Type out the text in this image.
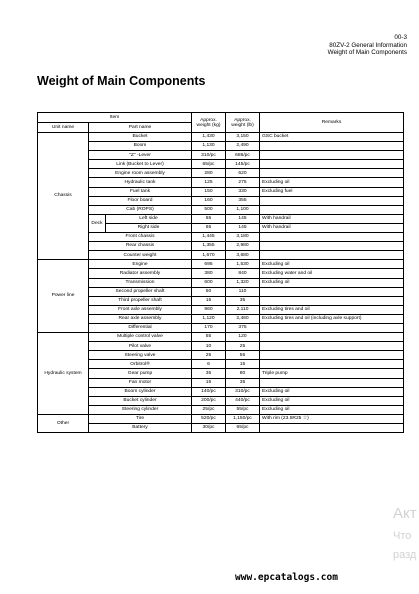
00-3
80ZV-2 General Information
Weight of Main Components
Weight of Main Components
Item			Approx. weight (kg)	Approx. weight (lb)	Remarks
Unit name	Part name				
Chassis	Bucket		1,430	3,150	GSC bucket
	Boom		1,130	2,490	
	"Z" -Lever		310/pc	686/pc	
	Link (Bucket to Lever)		65/pc	145/pc	
	Engine room assembly		280	620	
	Hydraulic tank		125	275	Excluding oil
	Fuel tank		150	330	Excluding fuel
	Floor board		160	355	
	Cab (ROPS)		500	1,100	
	Deck	Left side	65	145	With handrail
		Right side	65	145	With handrail
	Front chassis		1,445	3,180	
	Rear chassis		1,355	2,980	
	Counter weight		1,670	3,680	
Power line	Engine		695	1,530	Excluding oil
	Radiator assembly		380	840	Excluding water and oil
	Transmission		600	1,320	Excluding oil
	Second propeller shaft		50	110	
	Third propeller shaft		15	35	
	Front axle assembly		960	2,110	Excluding tires and oil
	Rear axle assembly		1,120	2,460	Excluding tires and oil (including axle support)
	Differential		170	375	
Hydraulic system	Multiple control valve		55	120	
	Pilot valve		10	25	
	Steering valve		25	55	
	Orbitrol®		6	15	
	Gear pump		35	80	Triple pump
	Fan motor		15	35	
	Boom cylinder		140/pc	310/pc	Excluding oil
	Bucket cylinder		200/pc	440/pc	Excluding oil
	Steering cylinder		25/pc	55/pc	Excluding oil
Other	Tire		520/pc	1,150/pc	With rim (23.5R25 ☆)
	Battery		30/pc	65/pc	
Акт
Что
разд
www.epcatalogs.com
